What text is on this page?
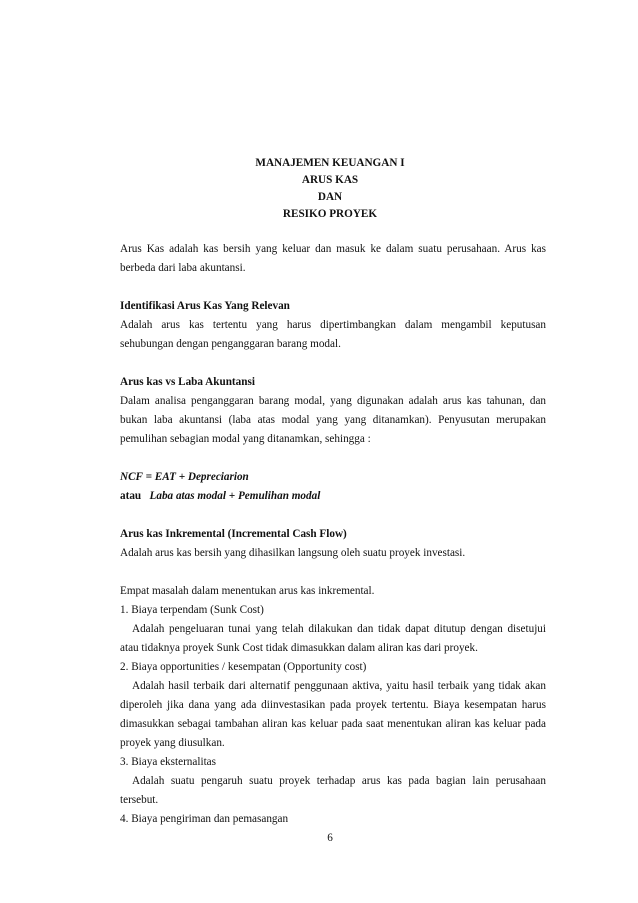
MANAJEMEN KEUANGAN I
ARUS KAS
DAN
RESIKO PROYEK

Arus Kas adalah kas bersih yang keluar dan masuk ke dalam suatu perusahaan. Arus kas berbeda dari laba akuntansi.

Identifikasi Arus Kas Yang Relevan

Adalah arus kas tertentu yang harus dipertimbangkan dalam mengambil keputusan sehubungan dengan penganggaran barang modal.

Arus kas vs Laba Akuntansi

Dalam analisa penganggaran barang modal, yang digunakan adalah arus kas tahunan, dan bukan laba akuntansi (laba atas modal yang yang ditanamkan). Penyusutan merupakan pemulihan sebagian modal yang ditanamkan, sehingga :

NCF = EAT + Depreciarion

atau Laba atas modal + Pemulihan modal

Arus kas Inkremental (Incremental Cash Flow)

Adalah arus kas bersih yang dihasilkan langsung oleh suatu proyek investasi.

Empat masalah dalam menentukan arus kas inkremental.

1. Biaya terpendam (Sunk Cost)

Adalah pengeluaran tunai yang telah dilakukan dan tidak dapat ditutup dengan disetujui atau tidaknya proyek Sunk Cost tidak dimasukkan dalam aliran kas dari proyek.

2. Biaya opportunities / kesempatan (Opportunity cost)

Adalah hasil terbaik dari alternatif penggunaan aktiva, yaitu hasil terbaik yang tidak akan diperoleh jika dana yang ada diinvestasikan pada proyek tertentu. Biaya kesempatan harus dimasukkan sebagai tambahan aliran kas keluar pada saat menentukan aliran kas keluar pada proyek yang diusulkan.

3. Biaya eksternalitas

Adalah suatu pengaruh suatu proyek terhadap arus kas pada bagian lain perusahaan tersebut.

4. Biaya pengiriman dan pemasangan

6
